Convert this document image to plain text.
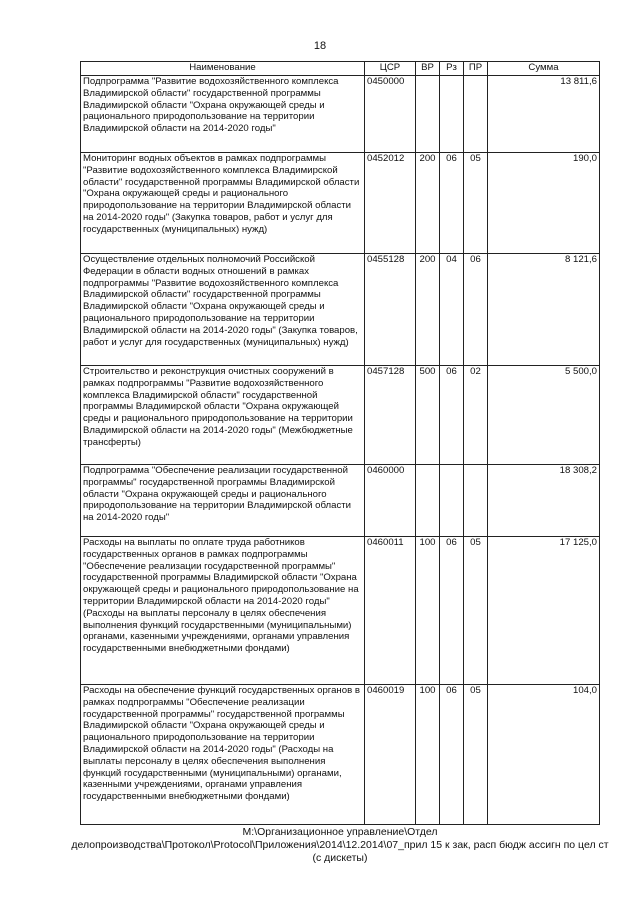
18
Наименование	ЦСР	ВР	Рз	ПР	Сумма
Подпрограмма "Развитие водохозяйственного комплекса Владимирской области" государственной программы Владимирской области "Охрана окружающей среды и рационального природопользование на территории Владимирской области на 2014-2020 годы"	0450000				13 811,6
Мониторинг водных объектов в рамках подпрограммы "Развитие водохозяйственного комплекса Владимирской области" государственной программы Владимирской области "Охрана окружающей среды и рационального природопользование на территории Владимирской области на 2014-2020 годы" (Закупка товаров, работ и услуг для государственных (муниципальных) нужд)	0452012	200	06	05	190,0
Осуществление отдельных полномочий Российской Федерации в области водных отношений в рамках подпрограммы "Развитие водохозяйственного комплекса Владимирской области" государственной программы Владимирской области "Охрана окружающей среды и рационального природопользование на территории Владимирской области на 2014-2020 годы" (Закупка товаров, работ и услуг для государственных (муниципальных) нужд)	0455128	200	04	06	8 121,6
Строительство и реконструкция очистных сооружений в рамках подпрограммы "Развитие водохозяйственного комплекса Владимирской области" государственной программы Владимирской области "Охрана окружающей среды и рационального природопользование на территории Владимирской области на 2014-2020 годы" (Межбюджетные трансферты)	0457128	500	06	02	5 500,0
Подпрограмма "Обеспечение реализации государственной программы" государственной программы Владимирской области "Охрана окружающей среды и рационального природопользование на территории Владимирской области на 2014-2020 годы"	0460000				18 308,2
Расходы на выплаты по оплате труда работников государственных органов в рамках подпрограммы "Обеспечение реализации государственной программы" государственной программы Владимирской области "Охрана окружающей среды и рационального природопользование на территории Владимирской области на 2014-2020 годы" (Расходы на выплаты персоналу в целях обеспечения выполнения функций государственными (муниципальными) органами, казенными учреждениями, органами управления государственными внебюджетными фондами)	0460011	100	06	05	17 125,0
Расходы на обеспечение функций государственных органов в рамках подпрограммы "Обеспечение реализации государственной программы" государственной программы Владимирской области "Охрана окружающей среды и рационального природопользование на территории Владимирской области на 2014-2020 годы" (Расходы на выплаты персоналу в целях обеспечения выполнения функций государственными (муниципальными) органами, казенными учреждениями, органами управления государственными внебюджетными фондами)	0460019	100	06	05	104,0
М:\Организационное управление\Отдел
делопроизводства\Протокол\Protocol\Приложения\2014\12.2014\07_прил 15 к зак, расп бюдж ассигн по цел ст
(с дискеты)
